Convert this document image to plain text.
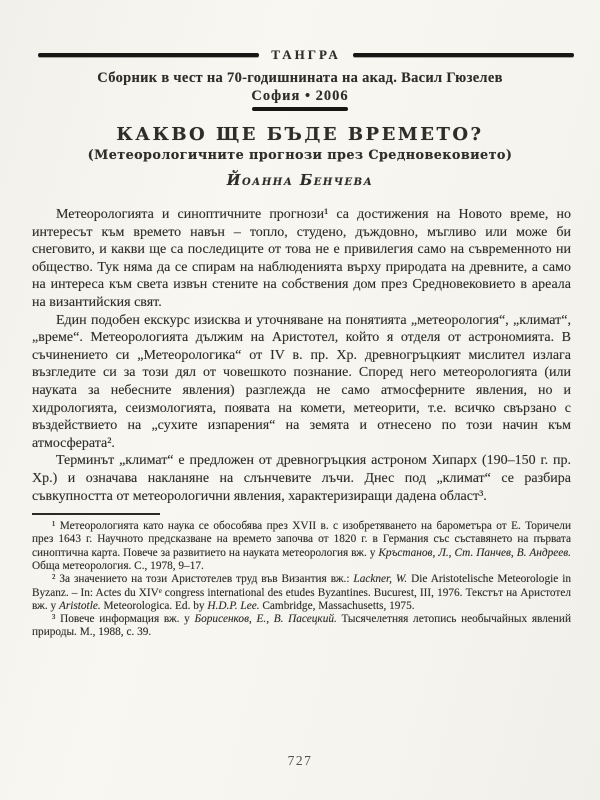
ТАНГРА
Сборник в чест на 70-годишнината на акад. Васил Гюзелев
София • 2006
КАКВО ЩЕ БЪДЕ ВРЕМЕТО?
(Метеорологичните прогнози през Средновековието)
Йоанна Бенчева

Метеорологията и синоптичните прогнози¹ са достижения на Новото време, но интересът към времето навън – топло, студено, дъждовно, мъгливо или може би снеговито, и какви ще са последиците от това не е привилегия само на съвременното ни общество. Тук няма да се спирам на наблюденията върху природата на древните, а само на интереса към света извън стените на собствения дом през Средновековието в ареала на византийския свят.

Един подобен екскурс изисква и уточняване на понятията „метеорология“, „климат“, „време“. Метеорологията дължим на Аристотел, който я отделя от астрономията. В съчинението си „Метеорологика“ от IV в. пр. Хр. древногръцкият мислител излага възгледите си за този дял от човешкото познание. Според него метеорологията (или науката за небесните явления) разглежда не само атмосферните явления, но и хидрологията, сеизмологията, появата на комети, метеорити, т.е. всичко свързано с въздействието на „сухите изпарения“ на земята и отнесено по този начин към атмосферата².

Терминът „климат“ е предложен от древногръцкия астроном Хипарх (190–150 г. пр. Хр.) и означава накланяне на слънчевите лъчи. Днес под „климат“ се разбира съвкупността от метеорологични явления, характеризиращи дадена област³.

¹ Метеорологията като наука се обособява през XVII в. с изобретяването на барометъра от Е. Торичели през 1643 г. Научното предсказване на времето започва от 1820 г. в Германия със съставянето на първата синоптична карта. Повече за развитието на науката метеорология вж. у Кръстанов, Л., Ст. Панчев, В. Андреев. Обща метеорология. С., 1978, 9–17.

² За значението на този Аристотелев труд във Византия вж.: Lackner, W. Die Aristotelische Meteorologie in Byzanz. – In: Actes du XIVᵉ congress international des etudes Byzantines. Bucurest, III, 1976. Текстът на Аристотел вж. у Aristotle. Meteorologica. Ed. by H.D.P. Lee. Cambridge, Massachusetts, 1975.

³ Повече информация вж. у Борисенков, Е., В. Пасецкий. Тысячелетняя летопись необычайных явлений природы. М., 1988, с. 39.

727
